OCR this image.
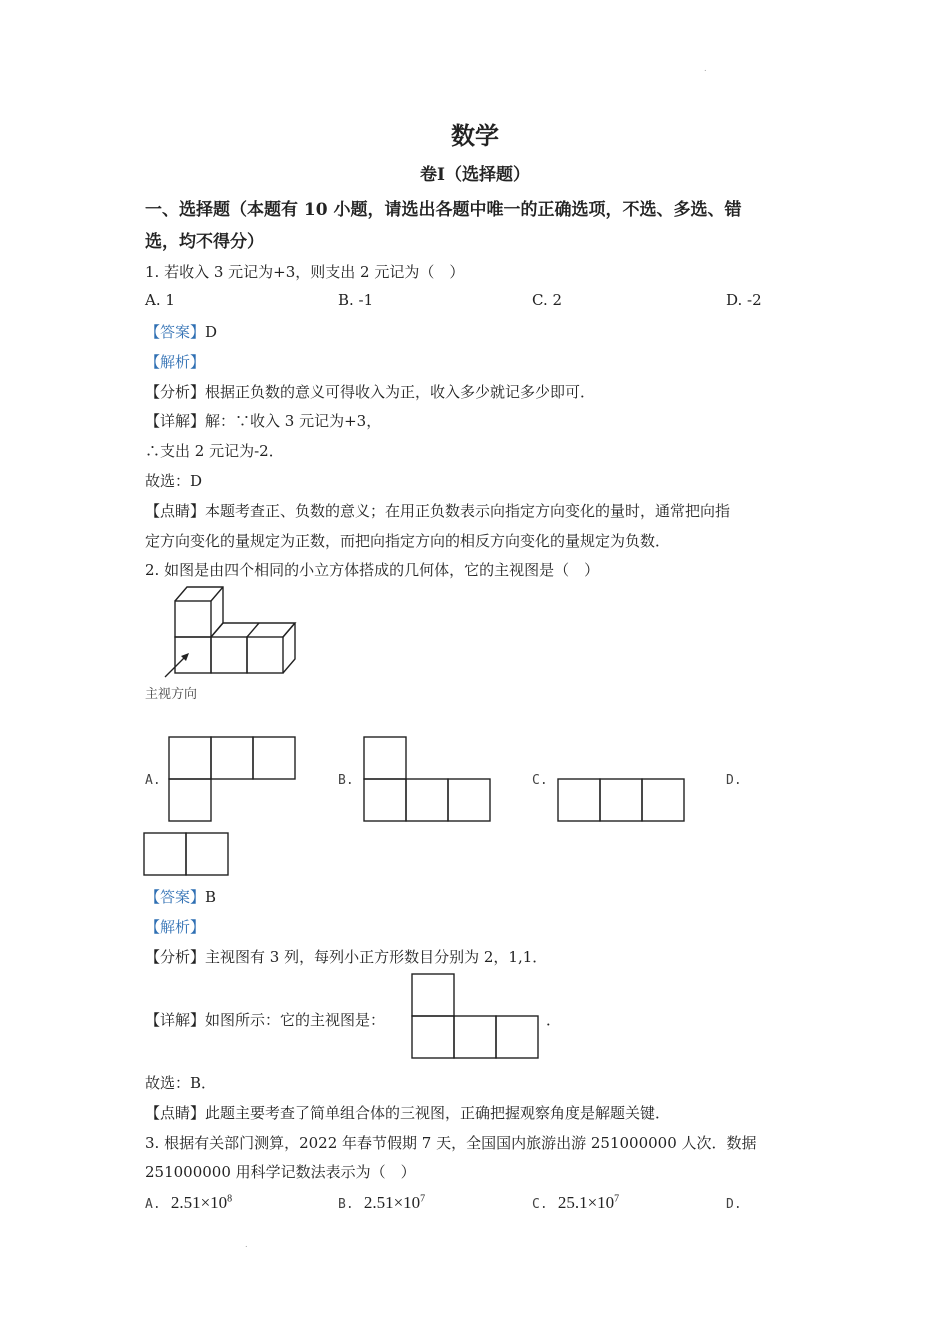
.
数学
卷Ⅰ（选择题）
一、选择题（本题有 10 小题，请选出各题中唯一的正确选项，不选、多选、错
选，均不得分）
1. 若收入 3 元记为+3，则支出 2 元记为（　）
A. 1	B. -1	C. 2	D. -2
【答案】D
【解析】
【分析】根据正负数的意义可得收入为正，收入多少就记多少即可．
【详解】解：∵收入 3 元记为+3，
∴支出 2 元记为-2．
故选：D
【点睛】本题考查正、负数的意义；在用正负数表示向指定方向变化的量时，通常把向指
定方向变化的量规定为正数，而把向指定方向的相反方向变化的量规定为负数．
2. 如图是由四个相同的小立方体搭成的几何体，它的主视图是（　）
主视方向
A.	B.	C.	D.
【答案】B
【解析】
【分析】主视图有 3 列，每列小正方形数目分别为 2，1,1．
【详解】如图所示：它的主视图是：	．
故选：B．
【点睛】此题主要考查了简单组合体的三视图，正确把握观察角度是解题关键．
3. 根据有关部门测算，2022 年春节假期 7 天，全国国内旅游出游 251000000 人次．数据
251000000 用科学记数法表示为（　）
A. $2.51\times 10^8$	B. $2.51\times 10^7$	C. $25.1\times 10^7$	D.
.
